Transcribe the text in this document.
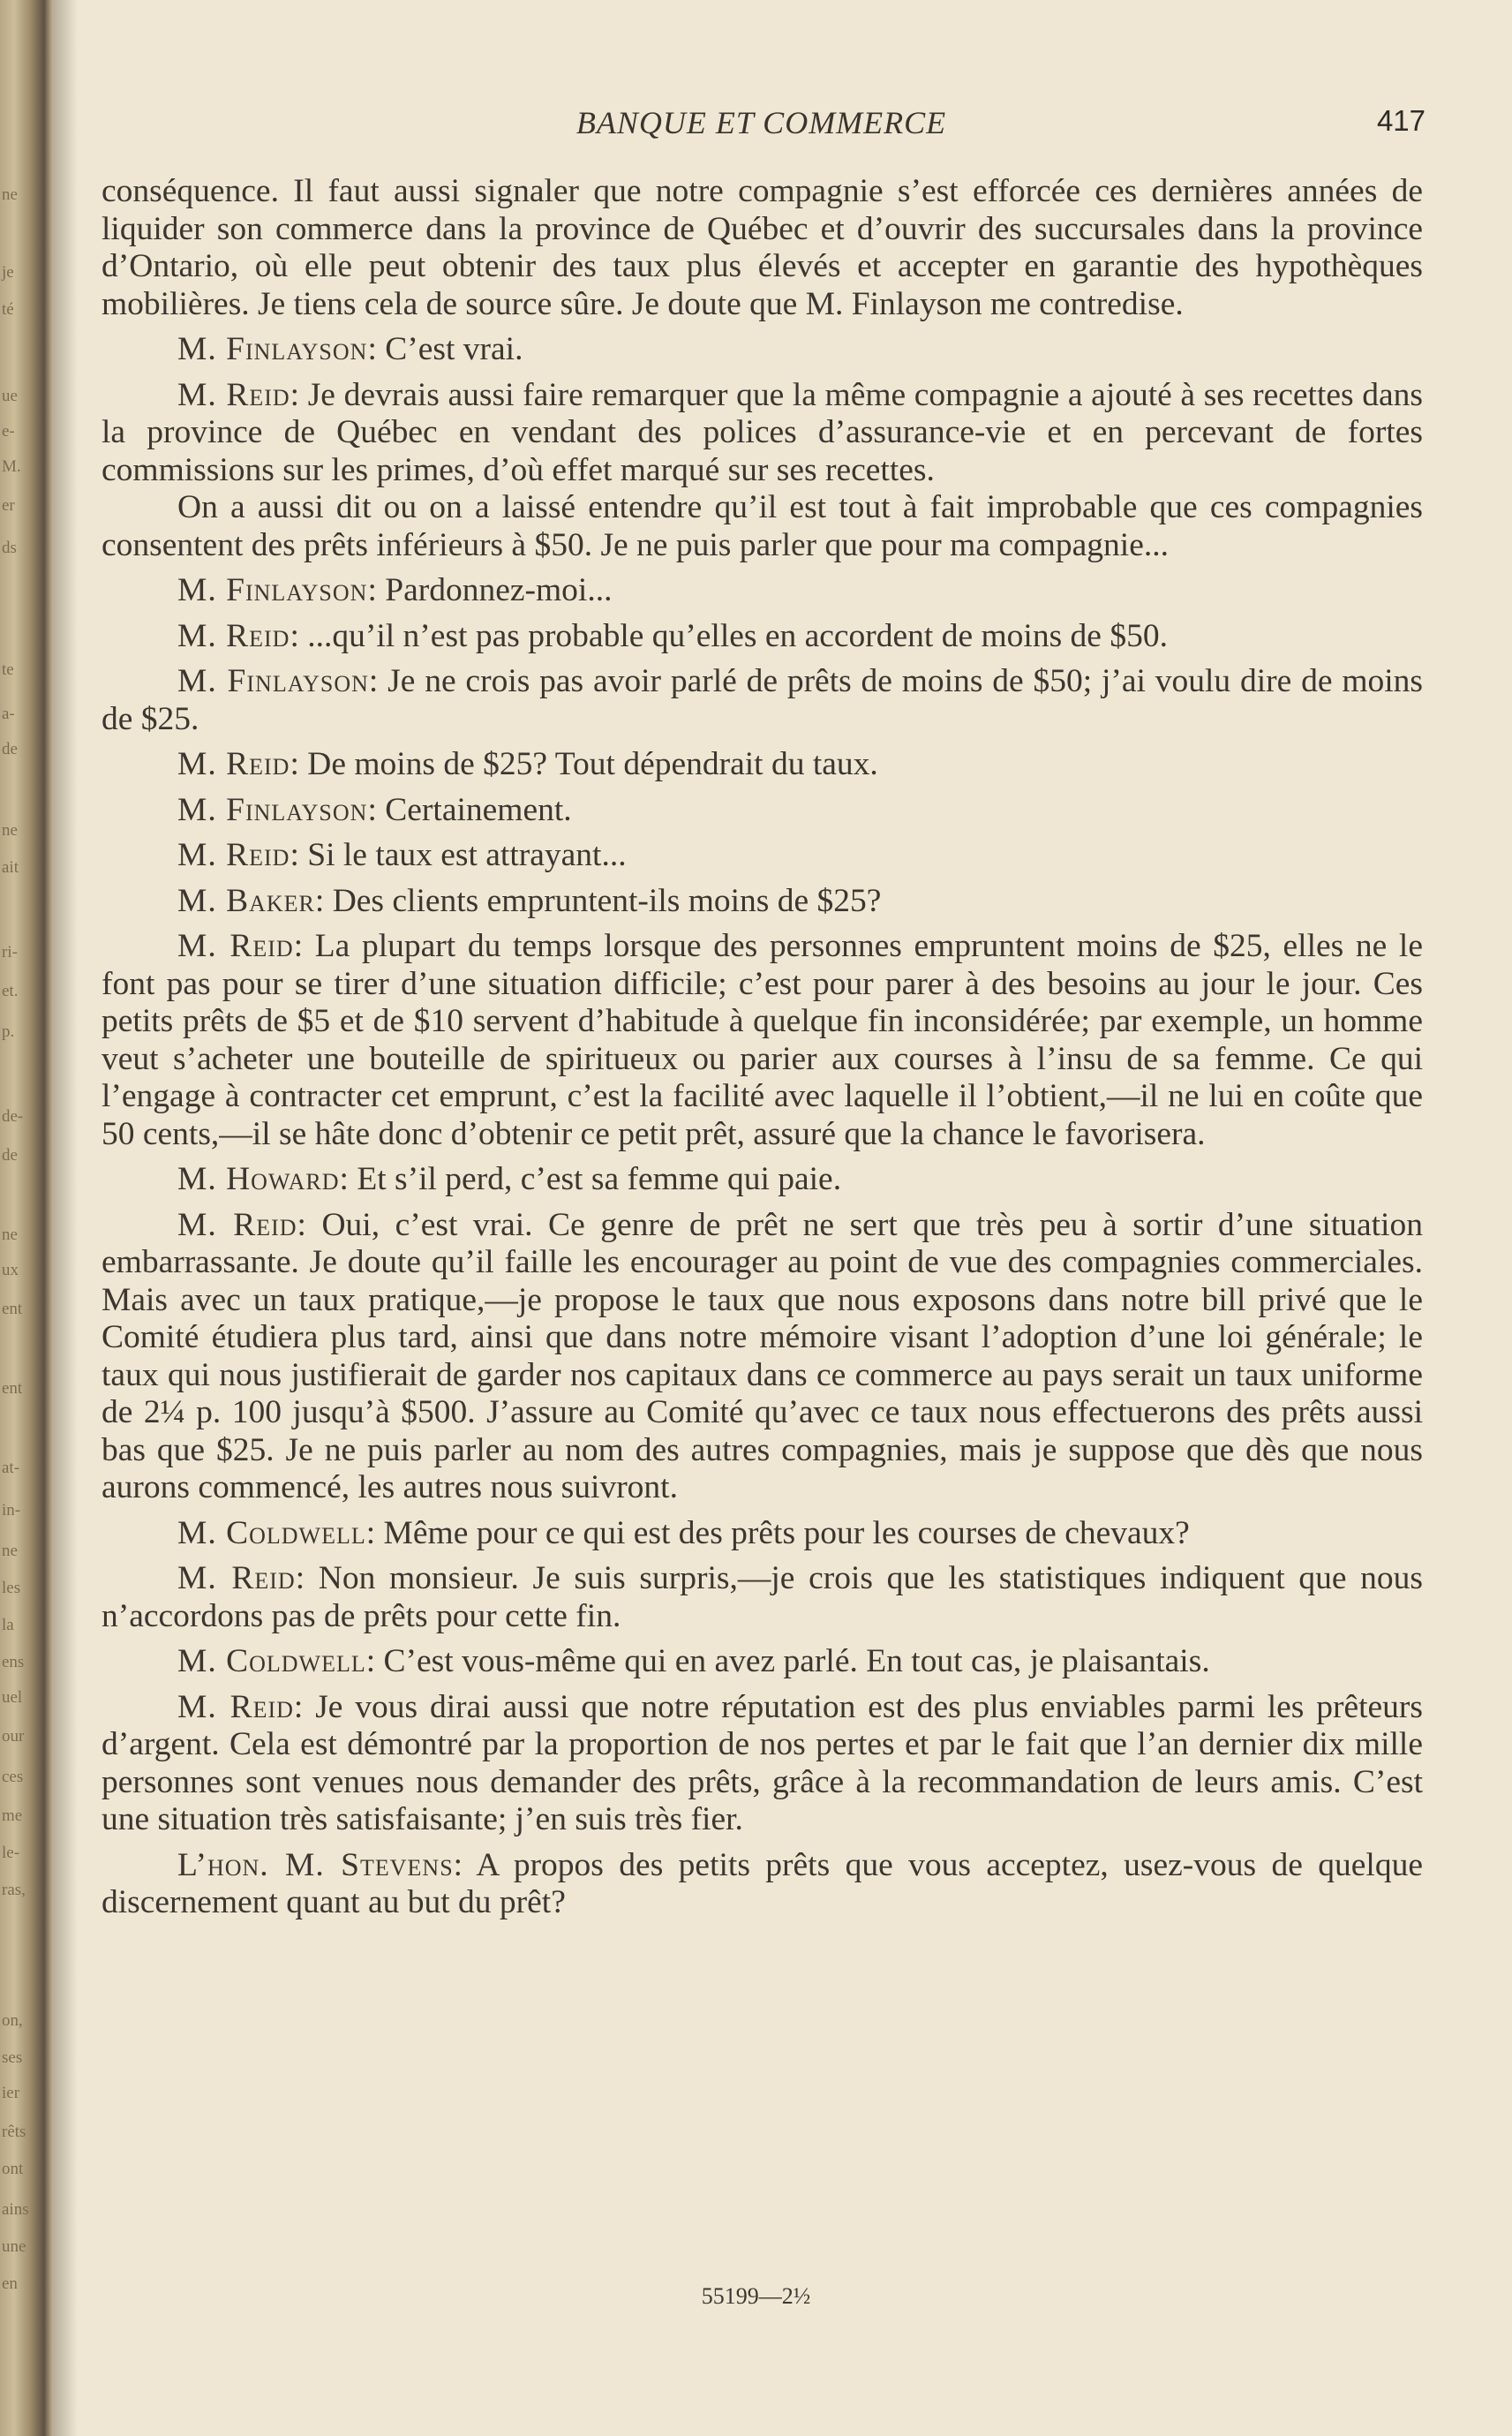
ne
je
té
ue
e-
M.
er
ds
te
a-
de
ne
ait
ri-
et.
p.
de-
de
ne
ux
ent
ent
at-
in-
ne
les
la
ens
uel
our
ces
me
le-
ras,
on,
ses
ier
rêts
ont
ains
une
en
BANQUE ET COMMERCE	417

conséquence. Il faut aussi signaler que notre compagnie s’est efforcée ces dernières années de liquider son commerce dans la province de Québec et d’ouvrir des succursales dans la province d’Ontario, où elle peut obtenir des taux plus élevés et accepter en garantie des hypothèques mobilières. Je tiens cela de source sûre. Je doute que M. Finlayson me contredise.

M. Finlayson: C’est vrai.

M. Reid: Je devrais aussi faire remarquer que la même compagnie a ajouté à ses recettes dans la province de Québec en vendant des polices d’assurance-vie et en percevant de fortes commissions sur les primes, d’où effet marqué sur ses recettes.

On a aussi dit ou on a laissé entendre qu’il est tout à fait improbable que ces compagnies consentent des prêts inférieurs à $50. Je ne puis parler que pour ma compagnie...

M. Finlayson: Pardonnez-moi...

M. Reid: ...qu’il n’est pas probable qu’elles en accordent de moins de $50.

M. Finlayson: Je ne crois pas avoir parlé de prêts de moins de $50; j’ai voulu dire de moins de $25.

M. Reid: De moins de $25? Tout dépendrait du taux.

M. Finlayson: Certainement.

M. Reid: Si le taux est attrayant...

M. Baker: Des clients empruntent-ils moins de $25?

M. Reid: La plupart du temps lorsque des personnes empruntent moins de $25, elles ne le font pas pour se tirer d’une situation difficile; c’est pour parer à des besoins au jour le jour. Ces petits prêts de $5 et de $10 servent d’habitude à quelque fin inconsidérée; par exemple, un homme veut s’acheter une bouteille de spiritueux ou parier aux courses à l’insu de sa femme. Ce qui l’engage à contracter cet emprunt, c’est la facilité avec laquelle il l’obtient,—il ne lui en coûte que 50 cents,—il se hâte donc d’obtenir ce petit prêt, assuré que la chance le favorisera.

M. Howard: Et s’il perd, c’est sa femme qui paie.

M. Reid: Oui, c’est vrai. Ce genre de prêt ne sert que très peu à sortir d’une situation embarrassante. Je doute qu’il faille les encourager au point de vue des compagnies commerciales. Mais avec un taux pratique,—je propose le taux que nous exposons dans notre bill privé que le Comité étudiera plus tard, ainsi que dans notre mémoire visant l’adoption d’une loi générale; le taux qui nous justifierait de garder nos capitaux dans ce commerce au pays serait un taux uniforme de 2¼ p. 100 jusqu’à $500. J’assure au Comité qu’avec ce taux nous effectuerons des prêts aussi bas que $25. Je ne puis parler au nom des autres compagnies, mais je suppose que dès que nous aurons commencé, les autres nous suivront.

M. Coldwell: Même pour ce qui est des prêts pour les courses de chevaux?

M. Reid: Non monsieur. Je suis surpris,—je crois que les statistiques indiquent que nous n’accordons pas de prêts pour cette fin.

M. Coldwell: C’est vous-même qui en avez parlé. En tout cas, je plaisantais.

M. Reid: Je vous dirai aussi que notre réputation est des plus enviables parmi les prêteurs d’argent. Cela est démontré par la proportion de nos pertes et par le fait que l’an dernier dix mille personnes sont venues nous demander des prêts, grâce à la recommandation de leurs amis. C’est une situation très satisfaisante; j’en suis très fier.

L’hon. M. Stevens: A propos des petits prêts que vous acceptez, usez-vous de quelque discernement quant au but du prêt?

55199—2½
